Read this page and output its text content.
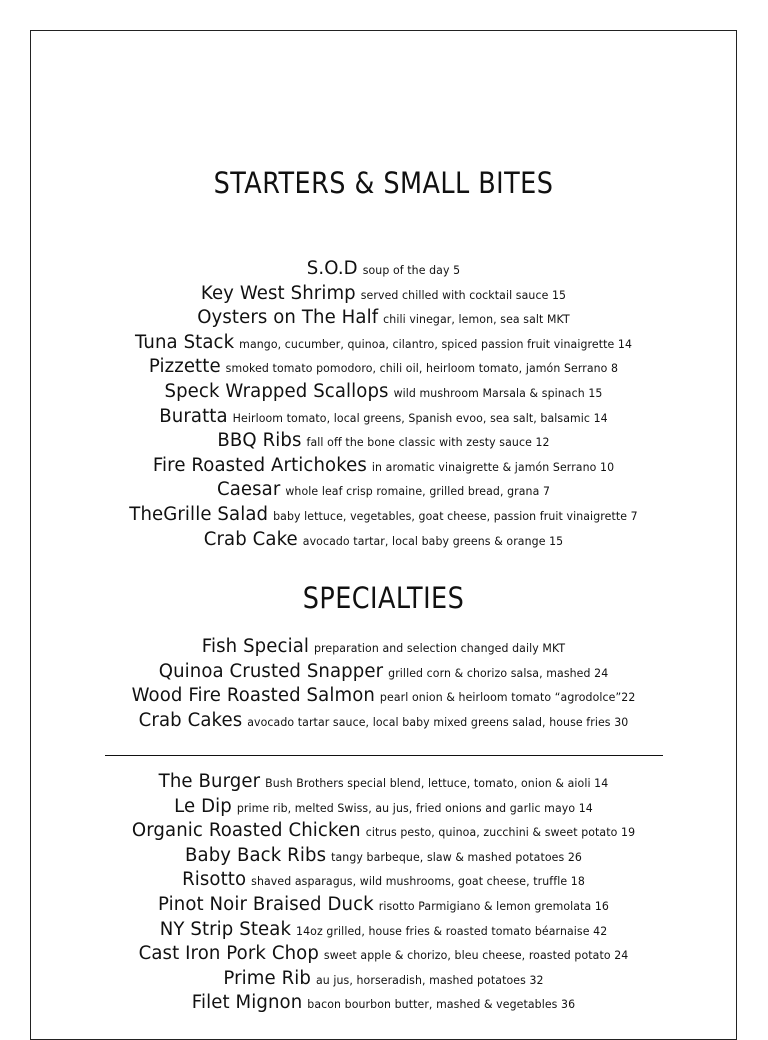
STARTERS & SMALL BITES
S.O.D soup of the day 5
Key West Shrimp served chilled with cocktail sauce 15
Oysters on The Half chili vinegar, lemon, sea salt MKT
Tuna Stack mango, cucumber, quinoa, cilantro, spiced passion fruit vinaigrette 14
Pizzette smoked tomato pomodoro, chili oil, heirloom tomato, jamón Serrano 8
Speck Wrapped Scallops wild mushroom Marsala & spinach 15
Buratta Heirloom tomato, local greens, Spanish evoo, sea salt, balsamic 14
BBQ Ribs fall off the bone classic with zesty sauce 12
Fire Roasted Artichokes in aromatic vinaigrette & jamón Serrano 10
Caesar whole leaf crisp romaine, grilled bread, grana 7
TheGrille Salad baby lettuce, vegetables, goat cheese, passion fruit vinaigrette 7
Crab Cake avocado tartar, local baby greens & orange 15
SPECIALTIES
Fish Special preparation and selection changed daily MKT
Quinoa Crusted Snapper grilled corn & chorizo salsa, mashed 24
Wood Fire Roasted Salmon pearl onion & heirloom tomato “agrodolce”22
Crab Cakes avocado tartar sauce, local baby mixed greens salad, house fries 30
The Burger Bush Brothers special blend, lettuce, tomato, onion & aioli 14
Le Dip prime rib, melted Swiss, au jus, fried onions and garlic mayo 14
Organic Roasted Chicken citrus pesto, quinoa, zucchini & sweet potato 19
Baby Back Ribs tangy barbeque, slaw & mashed potatoes 26
Risotto shaved asparagus, wild mushrooms, goat cheese, truffle 18
Pinot Noir Braised Duck risotto Parmigiano & lemon gremolata 16
NY Strip Steak 14oz grilled, house fries & roasted tomato béarnaise 42
Cast Iron Pork Chop sweet apple & chorizo, bleu cheese, roasted potato 24
Prime Rib au jus, horseradish, mashed potatoes 32
Filet Mignon bacon bourbon butter, mashed & vegetables 36
